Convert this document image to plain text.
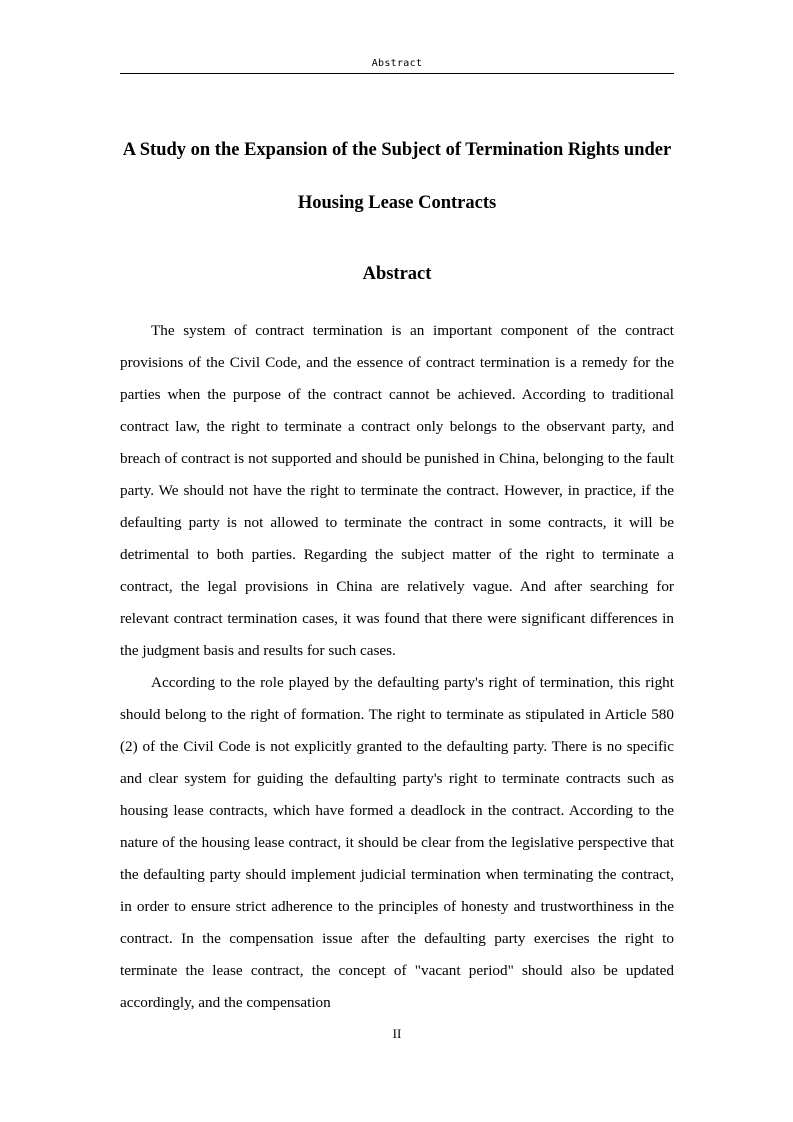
Abstract
A Study on the Expansion of the Subject of Termination Rights under
Housing Lease Contracts
Abstract

The system of contract termination is an important component of the contract provisions of the Civil Code, and the essence of contract termination is a remedy for the parties when the purpose of the contract cannot be achieved. According to traditional contract law, the right to terminate a contract only belongs to the observant party, and breach of contract is not supported and should be punished in China, belonging to the fault party. We should not have the right to terminate the contract. However, in practice, if the defaulting party is not allowed to terminate the contract in some contracts, it will be detrimental to both parties. Regarding the subject matter of the right to terminate a contract, the legal provisions in China are relatively vague. And after searching for relevant contract termination cases, it was found that there were significant differences in the judgment basis and results for such cases.

According to the role played by the defaulting party's right of termination, this right should belong to the right of formation. The right to terminate as stipulated in Article 580 (2) of the Civil Code is not explicitly granted to the defaulting party. There is no specific and clear system for guiding the defaulting party's right to terminate contracts such as housing lease contracts, which have formed a deadlock in the contract. According to the nature of the housing lease contract, it should be clear from the legislative perspective that the defaulting party should implement judicial termination when terminating the contract, in order to ensure strict adherence to the principles of honesty and trustworthiness in the contract. In the compensation issue after the defaulting party exercises the right to terminate the lease contract, the concept of "vacant period" should also be updated accordingly, and the compensation

II
